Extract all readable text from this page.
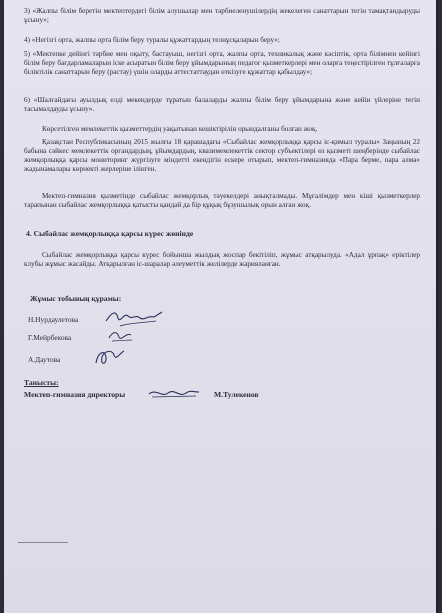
3) «Жалпы білім беретін мектептердегі білім алушылар мен тәрбиеленушілердің жекелеген санаттарын тегін тамақтандыруды ұсыну»;

4) «Негізгі орта, жалпы орта білім беру туралы құжаттардың телнұсқаларын беру»;

5) «Мектепке дейінгі тәрбие мен оқыту, бастауыш, негізгі орта, жалпы орта, техникалық және кәсіптік, орта білімнен кейінгі білім беру бағдарламаларын іске асыратын білім беру ұйымдарының педагог қызметкерлері мен оларға теңестірілген тұлғаларға біліктілік санаттарын беру (растау) үшін оларды аттестаттаудан өткізуге құжаттар қабылдау»;

6) «Шалғайдағы ауылдық елді мекендерде тұратын балаларды жалпы білім беру ұйымдарына және кейін үйлеріне тегін тасымалдауды ұсыну».

Көрсетілген мемлекеттік қызметтердің уақытынан кешіктірілін орындалғаны болған жоқ.

Қазақстан Республикасының 2015 жылғы 18 қарашадағы «Сыбайлас жемқорлыққа қарсы іс-қимыл туралы» Заңының 22 бабына сәйкес мемлекеттік органдардың, ұйымдардың, квазимемлекеттік сектор субъектілері өз қызметі шеңберінде сыбайлас жемқорлыққа қарсы мониторинг жүргізуге міндетті екендігін ескере отырып, мектеп-гимназияда «Пара берме, пара алма» жадынамалары көрнекті жерлеріне ілінген.

Мектеп-гимназия қызметінде сыбайлас жемқорлық тәуекелдері анықталмады. Мұғалімдер мен кіші қызметкерлер тарапынан сыбайлас жемқорлыққа қатысты қандай да бір құқық бұзушылық орын алған жоқ.

4. Сыбайлас жемқорлыққа қарсы күрес жөнінде

Сыбайлас жемқорлыққа қарсы күрес бойынша жылдық жоспар бекітіліп, жұмыс атқарылуда. «Адал ұрпақ» еріктілер клубы жұмыс жасайды. Атқарылған іс-шаралар әлеуметтік желілерде жарияланған.

Жұмыс тобының құрамы:
Н.Нурдаулетова
Г.Мейрбекова
А.Даутова
Танысты:
Мектеп-гимназия директоры	М.Тулекенов
